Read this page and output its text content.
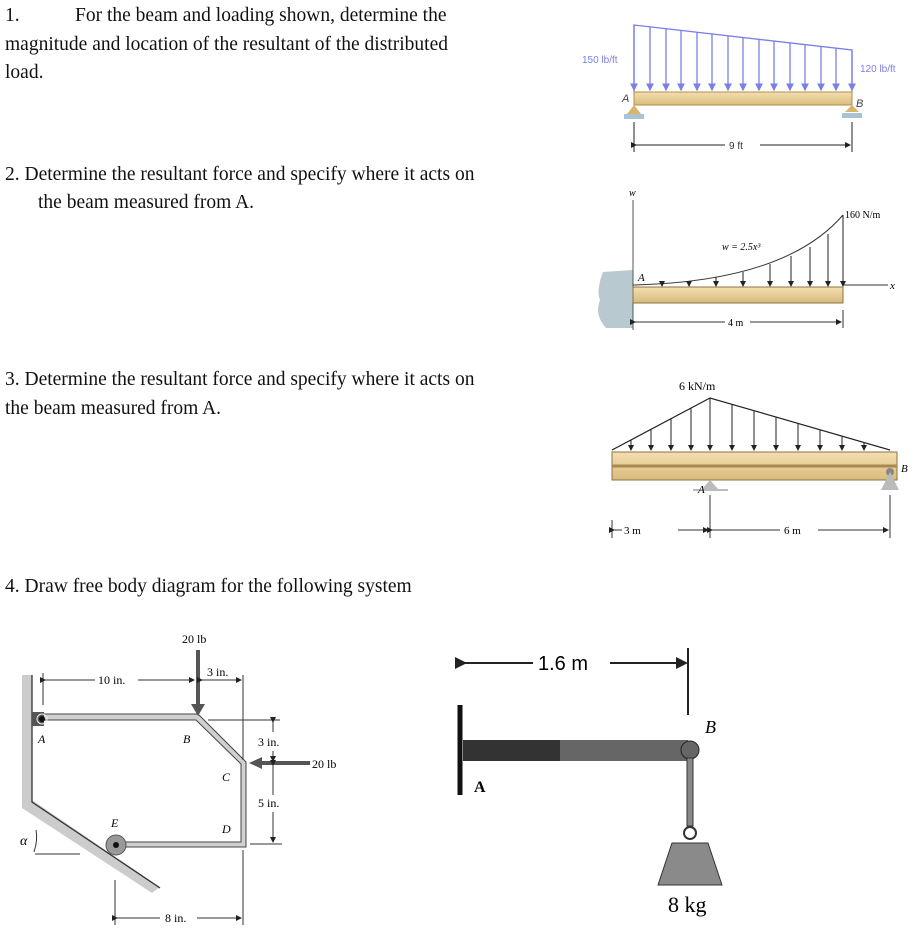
1.	For the beam and loading shown, determine the
magnitude and location of the resultant of the distributed
load.
2. Determine the resultant force and specify where it acts on
the beam measured from A.
3. Determine the resultant force and specify where it acts on
the beam measured from A.
4. Draw free body diagram for the following system
150 lb/ft
120 lb/ft
A	B
9 ft
w
x
A
160 N/m
w = 2.5x³
4 m
6 kN/m
A
B
3 m	6 m
20 lb
20 lb
10 in.
3 in.
3 in.
5 in.
8 in.
A	B
C
D
E
α
8 kg
B
A
1.6 m
